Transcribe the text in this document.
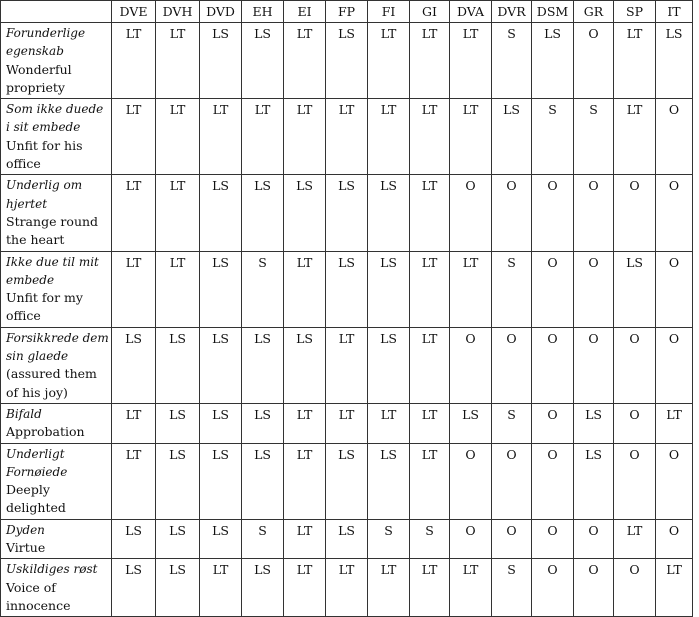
	DVE	DVH	DVD	EH	EI	FP	FI	GI	DVA	DVR	DSM	GR	SP	IT

Forunderlige egenskab
Wonderful propriety	LT	LT	LS	LS	LT	LS	LT	LT	LT	S	LS	O	LT	LS

Som ikke duede i sit embede
Unfit for his office	LT	LT	LT	LT	LT	LT	LT	LT	LT	LS	S	S	LT	O

Underlig om hjertet
Strange round the heart	LT	LT	LS	LS	LS	LS	LS	LT	O	O	O	O	O	O

Ikke due til mit embede
Unfit for my office	LT	LT	LS	S	LT	LS	LS	LT	LT	S	O	O	LS	O

Forsikkrede dem sin glaede
(assured them of his joy)	LS	LS	LS	LS	LS	LT	LS	LT	O	O	O	O	O	O

Bifald
Approbation	LT	LS	LS	LS	LT	LT	LT	LT	LS	S	O	LS	O	LT

Underligt Fornøiede
Deeply delighted	LT	LS	LS	LS	LT	LS	LS	LT	O	O	O	LS	O	O

Dyden
Virtue	LS	LS	LS	S	LT	LS	S	S	O	O	O	O	LT	O

Uskildiges røst
Voice of innocence	LS	LS	LT	LS	LT	LT	LT	LT	LT	S	O	O	O	LT
